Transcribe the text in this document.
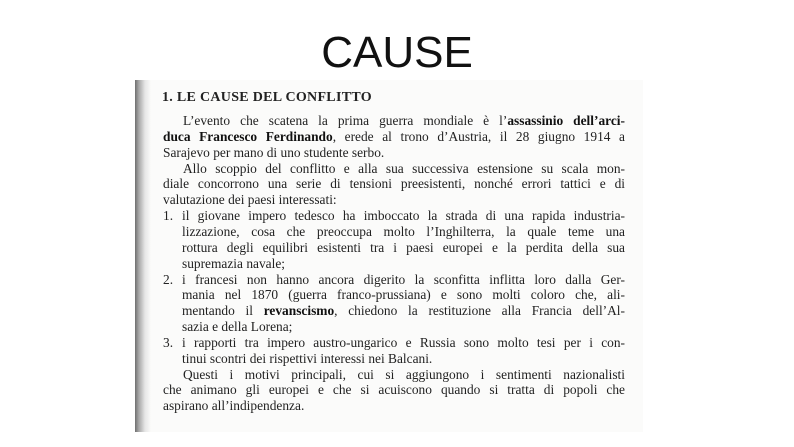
CAUSE
1. LE CAUSE DEL CONFLITTO
L’evento che scatena la prima guerra mondiale è l’assassinio dell’arci-
duca Francesco Ferdinando, erede al trono d’Austria, il 28 giugno 1914 a
Sarajevo per mano di uno studente serbo.
Allo scoppio del conflitto e alla sua successiva estensione su scala mon-
diale concorrono una serie di tensioni preesistenti, nonché errori tattici e di
valutazione dei paesi interessati:
1. il giovane impero tedesco ha imboccato la strada di una rapida industria-
lizzazione, cosa che preoccupa molto l’Inghilterra, la quale teme una
rottura degli equilibri esistenti tra i paesi europei e la perdita della sua
supremazia navale;
2. i francesi non hanno ancora digerito la sconfitta inflitta loro dalla Ger-
mania nel 1870 (guerra franco-prussiana) e sono molti coloro che, ali-
mentando il revanscismo, chiedono la restituzione alla Francia dell’Al-
sazia e della Lorena;
3. i rapporti tra impero austro-ungarico e Russia sono molto tesi per i con-
tinui scontri dei rispettivi interessi nei Balcani.
Questi i motivi principali, cui si aggiungono i sentimenti nazionalisti
che animano gli europei e che si acuiscono quando si tratta di popoli che
aspirano all’indipendenza.
